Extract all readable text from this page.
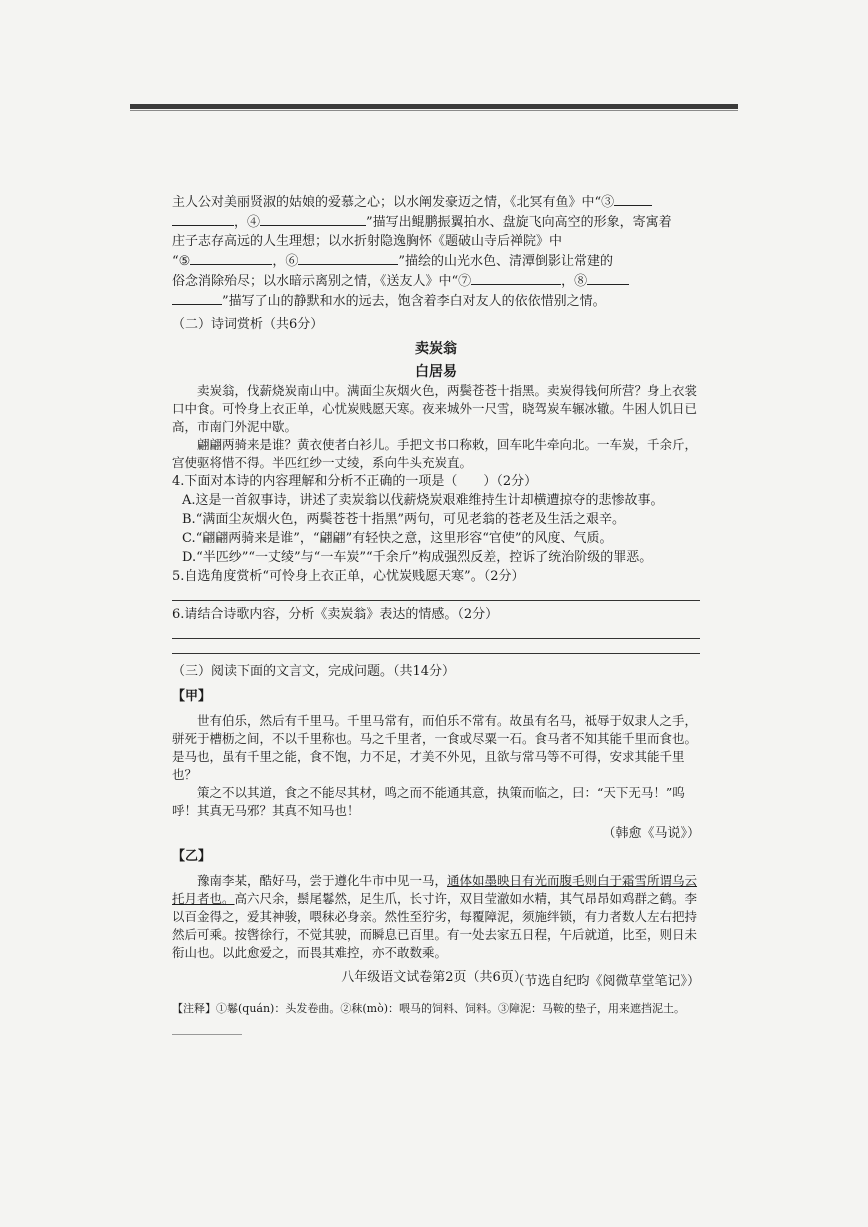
主人公对美丽贤淑的姑娘的爱慕之心；以水阐发豪迈之情，《北冥有鱼》中“③

，④	”描写出鲲鹏振翼拍水、盘旋飞向高空的形象，寄寓着

庄子志存高远的人生理想；以水折射隐逸胸怀《题破山寺后禅院》中

“⑤	，⑥	”描绘的山光水色、清潭倒影让常建的

俗念消除殆尽；以水暗示离别之情，《送友人》中“⑦	，⑧

”描写了山的静默和水的远去，饱含着李白对友人的依依惜别之情。

（二）诗词赏析（共6分）

卖炭翁

白居易

卖炭翁，伐薪烧炭南山中。满面尘灰烟火色，两鬓苍苍十指黑。卖炭得钱何所营？身上衣裳口中食。可怜身上衣正单，心忧炭贱愿天寒。夜来城外一尺雪，晓驾炭车辗冰辙。牛困人饥日已高，市南门外泥中歇。

翩翩两骑来是谁？黄衣使者白衫儿。手把文书口称敕，回车叱牛牵向北。一车炭，千余斤，宫使驱将惜不得。半匹红纱一丈绫，系向牛头充炭直。

4.下面对本诗的内容理解和分析不正确的一项是（　　）（2分）

A.这是一首叙事诗，讲述了卖炭翁以伐薪烧炭艰难维持生计却横遭掠夺的悲惨故事。

B.“满面尘灰烟火色，两鬓苍苍十指黑”两句，可见老翁的苍老及生活之艰辛。

C.“翩翩两骑来是谁”，“翩翩”有轻快之意，这里形容“官使”的风度、气质。

D.“半匹纱”“一丈绫”与“一车炭”“千余斤”构成强烈反差，控诉了统治阶级的罪恶。

5.自选角度赏析“可怜身上衣正单，心忧炭贱愿天寒”。（2分）

6.请结合诗歌内容，分析《卖炭翁》表达的情感。（2分）

（三）阅读下面的文言文，完成问题。（共14分）

【甲】

世有伯乐，然后有千里马。千里马常有，而伯乐不常有。故虽有名马，祗辱于奴隶人之手，骈死于槽枥之间，不以千里称也。马之千里者，一食或尽粟一石。食马者不知其能千里而食也。是马也，虽有千里之能，食不饱，力不足，才美不外见，且欲与常马等不可得，安求其能千里也？

策之不以其道，食之不能尽其材，鸣之而不能通其意，执策而临之，曰：“天下无马！”呜呼！其真无马邪？其真不知马也！

（韩愈《马说》）

【乙】

豫南李某，酷好马，尝于遵化牛市中见一马，通体如墨映日有光而腹毛则白于霜雪所谓乌云托月者也。高六尺余，鬃尾鬈然，足生爪，长寸许，双目莹澈如水精，其气昂昂如鸡群之鹤。李以百金得之，爱其神骏，喂秣必身亲。然性至狞劣，每覆障泥，须施绊锁，有力者数人左右把持然后可乘。按辔徐行，不觉其驶，而瞬息已百里。有一处去家五日程，午后就道，比至，则日未衔山也。以此愈爱之，而畏其难控，亦不敢数乘。

（节选自纪昀《阅微草堂笔记》）

【注释】①鬈(quán)：头发卷曲。②秣(mò)：喂马的饲料、饲料。③障泥：马鞍的垫子，用来遮挡泥土。

八年级语文试卷第2页（共6页）
